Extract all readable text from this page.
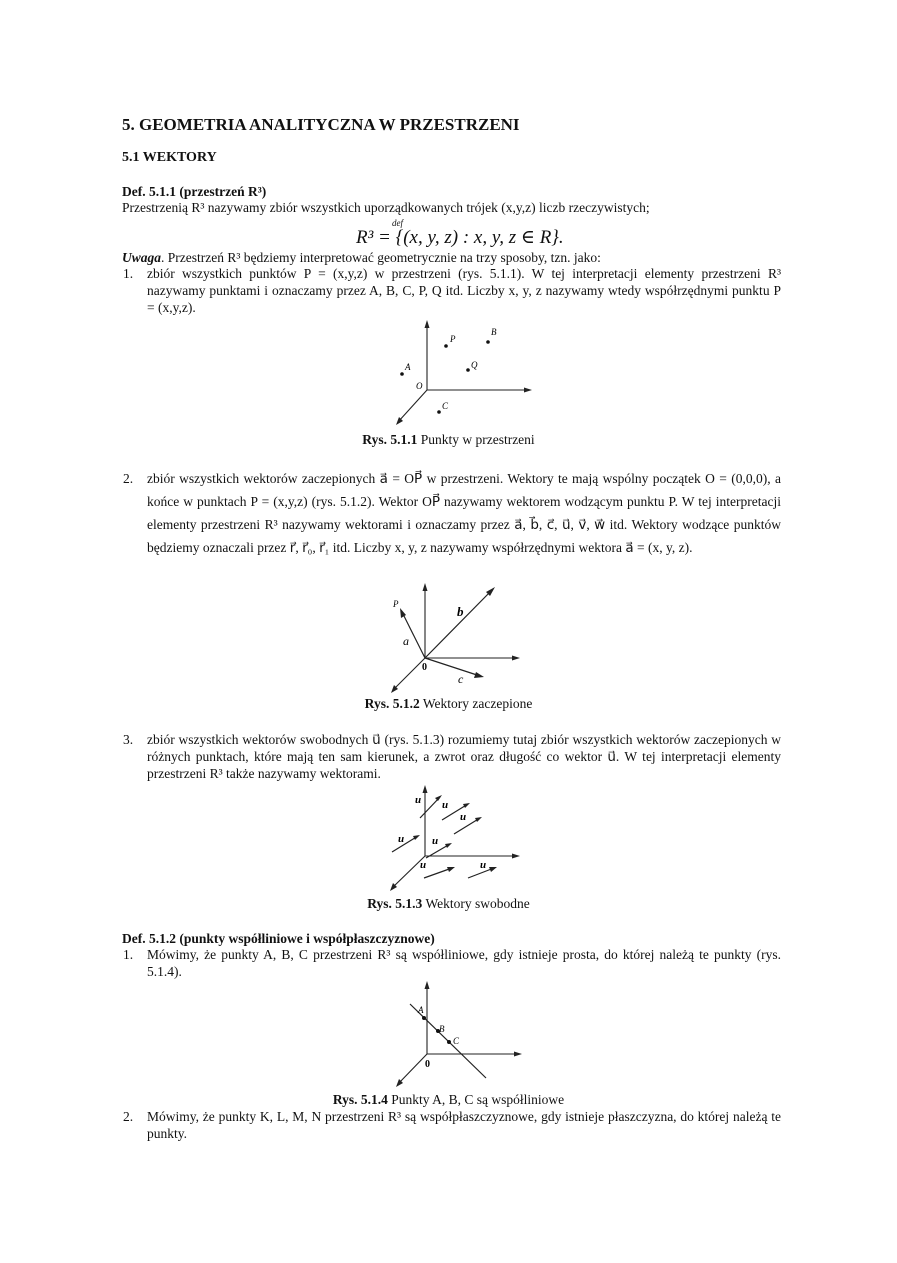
5. GEOMETRIA ANALITYCZNA W PRZESTRZENI
5.1 WEKTORY
Def. 5.1.1 (przestrzeń R³)
Przestrzenią R³ nazywamy zbiór wszystkich uporządkowanych trójek (x,y,z) liczb rzeczywistych;
def
R³ = {(x, y, z) : x, y, z ∈ R}.
Uwaga. Przestrzeń R³ będziemy interpretować geometrycznie na trzy sposoby, tzn. jako:
1. zbiór wszystkich punktów P = (x,y,z) w przestrzeni (rys. 5.1.1). W tej interpretacji elementy przestrzeni R³ nazywamy punktami i oznaczamy przez A, B, C, P, Q itd. Liczby x, y, z nazywamy wtedy współrzędnymi punktu P = (x,y,z).
P
B
A	Q
O
C
Rys. 5.1.1 Punkty w przestrzeni
2. zbiór wszystkich wektorów zaczepionych a⃗ = OP⃗ w przestrzeni. Wektory te mają wspólny początek O = (0,0,0), a końce w punktach P = (x,y,z) (rys. 5.1.2). Wektor OP⃗ nazywamy wektorem wodzącym punktu P. W tej interpretacji elementy przestrzeni R³ nazywamy wektorami i oznaczamy przez a⃗, b⃗, c⃗, u⃗, v⃗, w⃗ itd. Wektory wodzące punktów będziemy oznaczali przez r⃗, r⃗₀, r⃗₁ itd. Liczby x, y, z nazywamy współrzędnymi wektora a⃗ = (x, y, z).
P	b⃗
a⃗
0
c⃗
Rys. 5.1.2 Wektory zaczepione
3. zbiór wszystkich wektorów swobodnych u⃗ (rys. 5.1.3) rozumiemy tutaj zbiór wszystkich wektorów zaczepionych w różnych punktach, które mają ten sam kierunek, a zwrot oraz długość co wektor u⃗. W tej interpretacji elementy przestrzeni R³ także nazywamy wektorami.
u⃗ u⃗
u⃗
u⃗ u⃗
u⃗	u⃗
Rys. 5.1.3 Wektory swobodne
Def. 5.1.2 (punkty współliniowe i współpłaszczyznowe)
1. Mówimy, że punkty A, B, C przestrzeni R³ są współliniowe, gdy istnieje prosta, do której należą te punkty (rys. 5.1.4).
A
B
C
0
Rys. 5.1.4 Punkty A, B, C są współliniowe
2. Mówimy, że punkty K, L, M, N przestrzeni R³ są współpłaszczyznowe, gdy istnieje płaszczyzna, do której należą te punkty.
